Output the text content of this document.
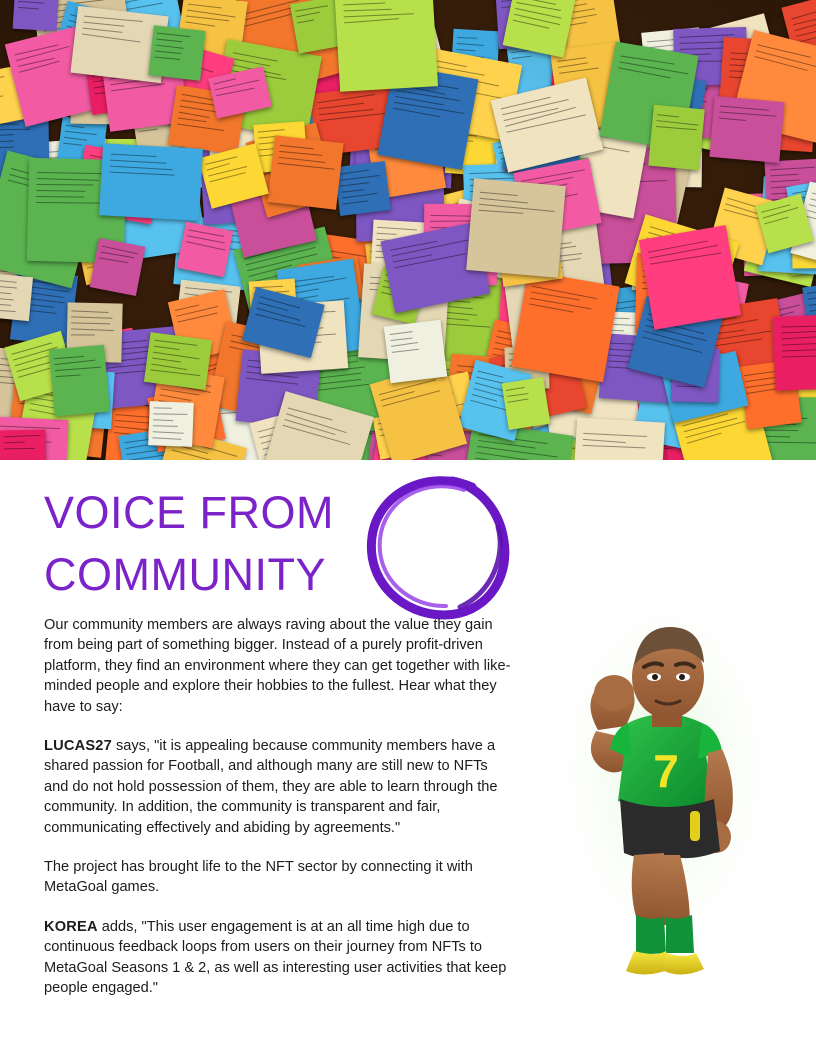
VOICE FROM
COMMUNITY

Our community members are always raving about the value they gain from being part of something bigger. Instead of a purely profit-driven platform, they find an environment where they can get together with like-minded people and explore their hobbies to the fullest. Hear what they have to say:

LUCAS27 says, "it is appealing because community members have a shared passion for Football, and although many are still new to NFTs and do not hold possession of them, they are able to learn through the community. In addition, the community is transparent and fair, communicating effectively and abiding by agreements."

The project has brought life to the NFT sector by connecting it with MetaGoal games.

KOREA adds, "This user engagement is at an all time high due to continuous feedback loops from users on their journey from NFTs to MetaGoal Seasons 1 & 2, as well as interesting user activities that keep people engaged."

7
